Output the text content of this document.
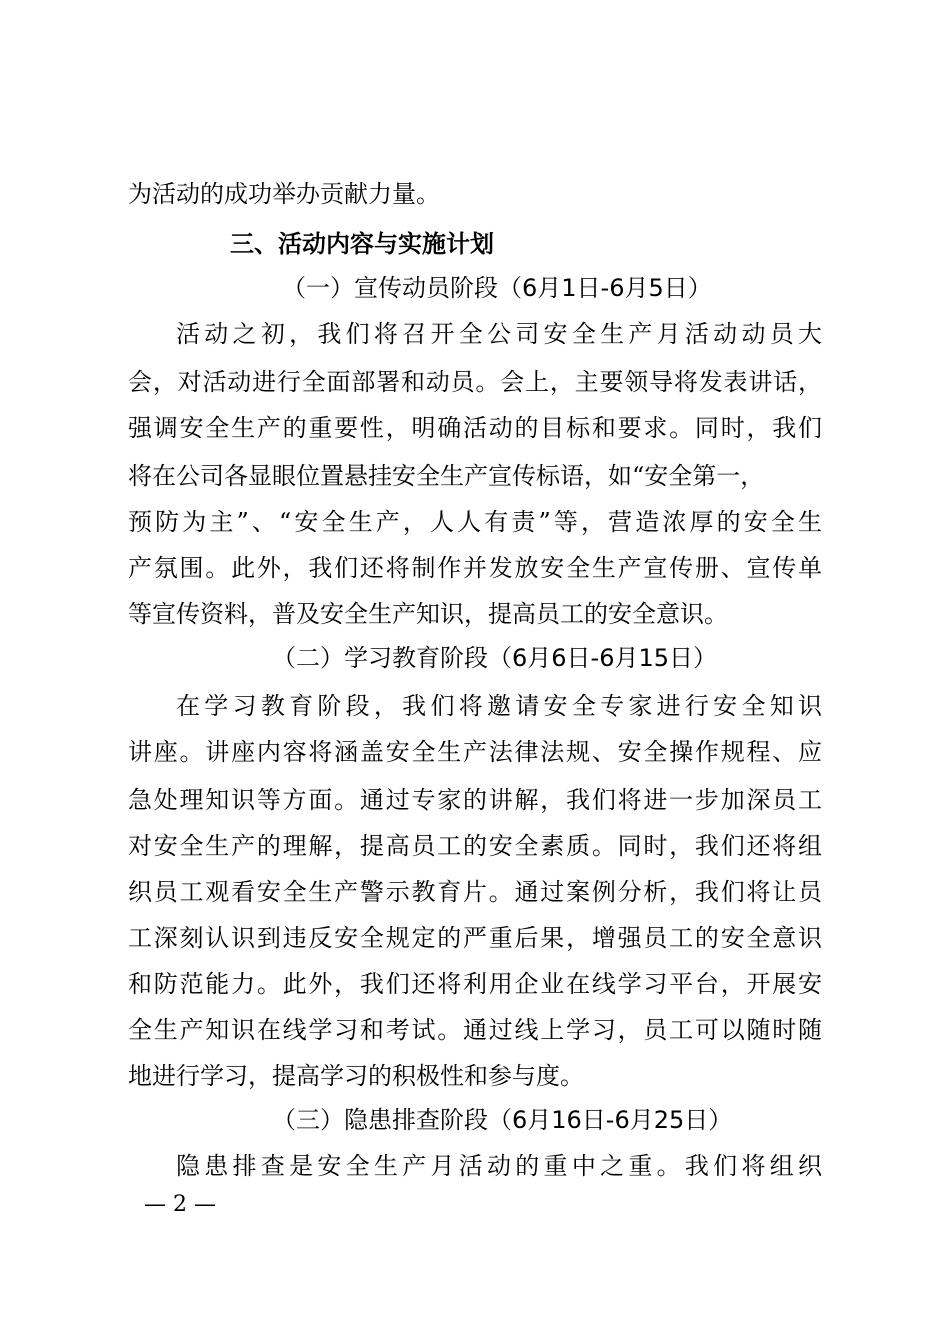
为活动的成功举办贡献力量。
三、活动内容与实施计划
（一）宣传动员阶段（6月1日-6月5日）
活动之初，我们将召开全公司安全生产月活动动员大
会，对活动进行全面部署和动员。会上，主要领导将发表讲话，
强调安全生产的重要性，明确活动的目标和要求。同时，我们
将在公司各显眼位置悬挂安全生产宣传标语，如“安全第一，
预防为主”、“安全生产，人人有责”等，营造浓厚的安全生
产氛围。此外，我们还将制作并发放安全生产宣传册、宣传单
等宣传资料，普及安全生产知识，提高员工的安全意识。
（二）学习教育阶段（6月6日-6月15日）
在学习教育阶段，我们将邀请安全专家进行安全知识
讲座。讲座内容将涵盖安全生产法律法规、安全操作规程、应
急处理知识等方面。通过专家的讲解，我们将进一步加深员工
对安全生产的理解，提高员工的安全素质。同时，我们还将组
织员工观看安全生产警示教育片。通过案例分析，我们将让员
工深刻认识到违反安全规定的严重后果，增强员工的安全意识
和防范能力。此外，我们还将利用企业在线学习平台，开展安
全生产知识在线学习和考试。通过线上学习，员工可以随时随
地进行学习，提高学习的积极性和参与度。
（三）隐患排查阶段（6月16日-6月25日）
隐患排查是安全生产月活动的重中之重。我们将组织
— 2 —
